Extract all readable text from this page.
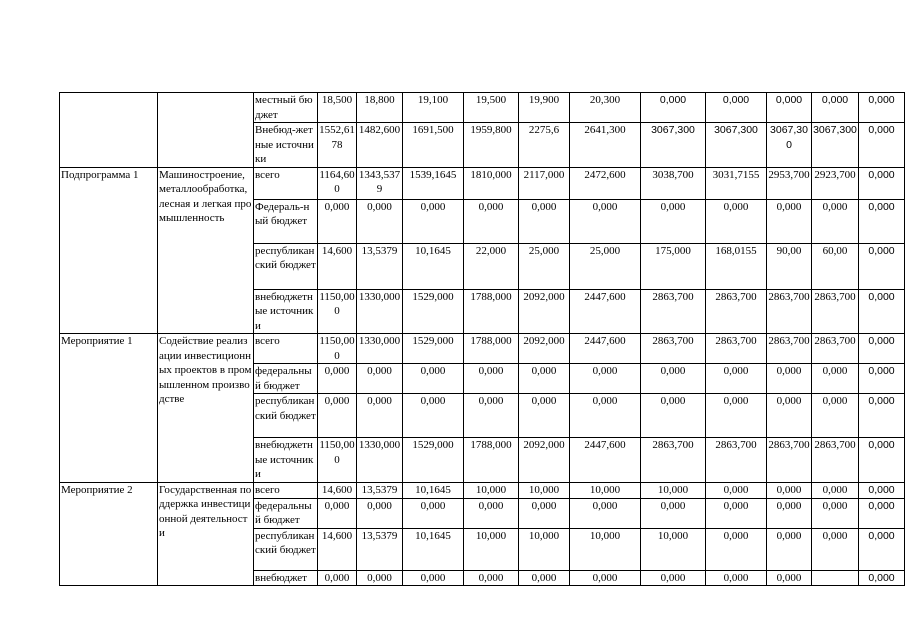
		местный бюджет	18,500	18,800	19,100	19,500	19,900	20,300	0,000	0,000	0,000	0,000	0,000
		Внебюд-жетные источники	1552,6178	1482,600	1691,500	1959,800	2275,6	2641,300	3067,300	3067,300	3067,300	3067,300	0,000
Подпрограмма 1	Машиностроение, металлообработка, лесная и легкая промышленность	всего	1164,600	1343,5379	1539,1645	1810,000	2117,000	2472,600	3038,700	3031,7155	2953,700	2923,700	0,000
		Федераль-ный бюджет	0,000	0,000	0,000	0,000	0,000	0,000	0,000	0,000	0,000	0,000	0,000
		республиканский бюджет	14,600	13,5379	10,1645	22,000	25,000	25,000	175,000	168,0155	90,00	60,00	0,000
		внебюджетные источники	1150,000	1330,000	1529,000	1788,000	2092,000	2447,600	2863,700	2863,700	2863,700	2863,700	0,000
Мероприятие 1	Содействие реализации инвестиционных проектов в промышленном производстве	всего	1150,000	1330,000	1529,000	1788,000	2092,000	2447,600	2863,700	2863,700	2863,700	2863,700	0,000
		федеральный бюджет	0,000	0,000	0,000	0,000	0,000	0,000	0,000	0,000	0,000	0,000	0,000
		республиканский бюджет	0,000	0,000	0,000	0,000	0,000	0,000	0,000	0,000	0,000	0,000	0,000
		внебюджетные источники	1150,000	1330,000	1529,000	1788,000	2092,000	2447,600	2863,700	2863,700	2863,700	2863,700	0,000
Мероприятие 2	Государственная поддержка инвестиционной деятельности	всего	14,600	13,5379	10,1645	10,000	10,000	10,000	10,000	0,000	0,000	0,000	0,000
		федеральный бюджет	0,000	0,000	0,000	0,000	0,000	0,000	0,000	0,000	0,000	0,000	0,000
		республиканский бюджет	14,600	13,5379	10,1645	10,000	10,000	10,000	10,000	0,000	0,000	0,000	0,000
		внебюджет	0,000	0,000	0,000	0,000	0,000	0,000	0,000	0,000	0,000		0,000
